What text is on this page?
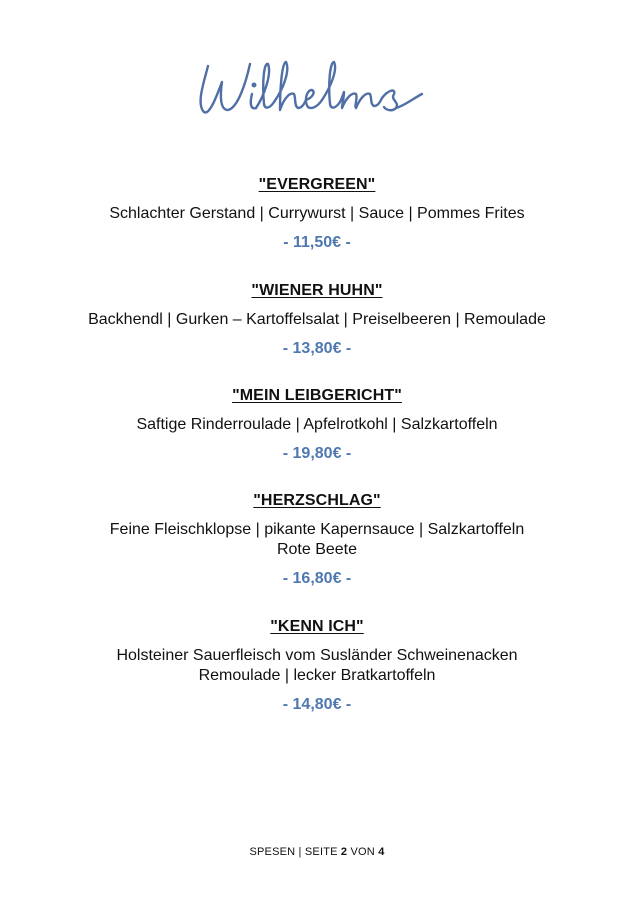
"EVERGREEN"
Schlachter Gerstand | Currywurst | Sauce | Pommes Frites
- 11,50€ -
"WIENER HUHN"
Backhendl | Gurken – Kartoffelsalat | Preiselbeeren | Remoulade
- 13,80€ -
"MEIN LEIBGERICHT"
Saftige Rinderroulade | Apfelrotkohl | Salzkartoffeln
- 19,80€ -
"HERZSCHLAG"
Feine Fleischklopse | pikante Kapernsauce | Salzkartoffeln
Rote Beete
- 16,80€ -
"KENN ICH"
Holsteiner Sauerfleisch vom Susländer Schweinenacken
Remoulade | lecker Bratkartoffeln
- 14,80€ -
SPESEN | SEITE 2 VON 4
